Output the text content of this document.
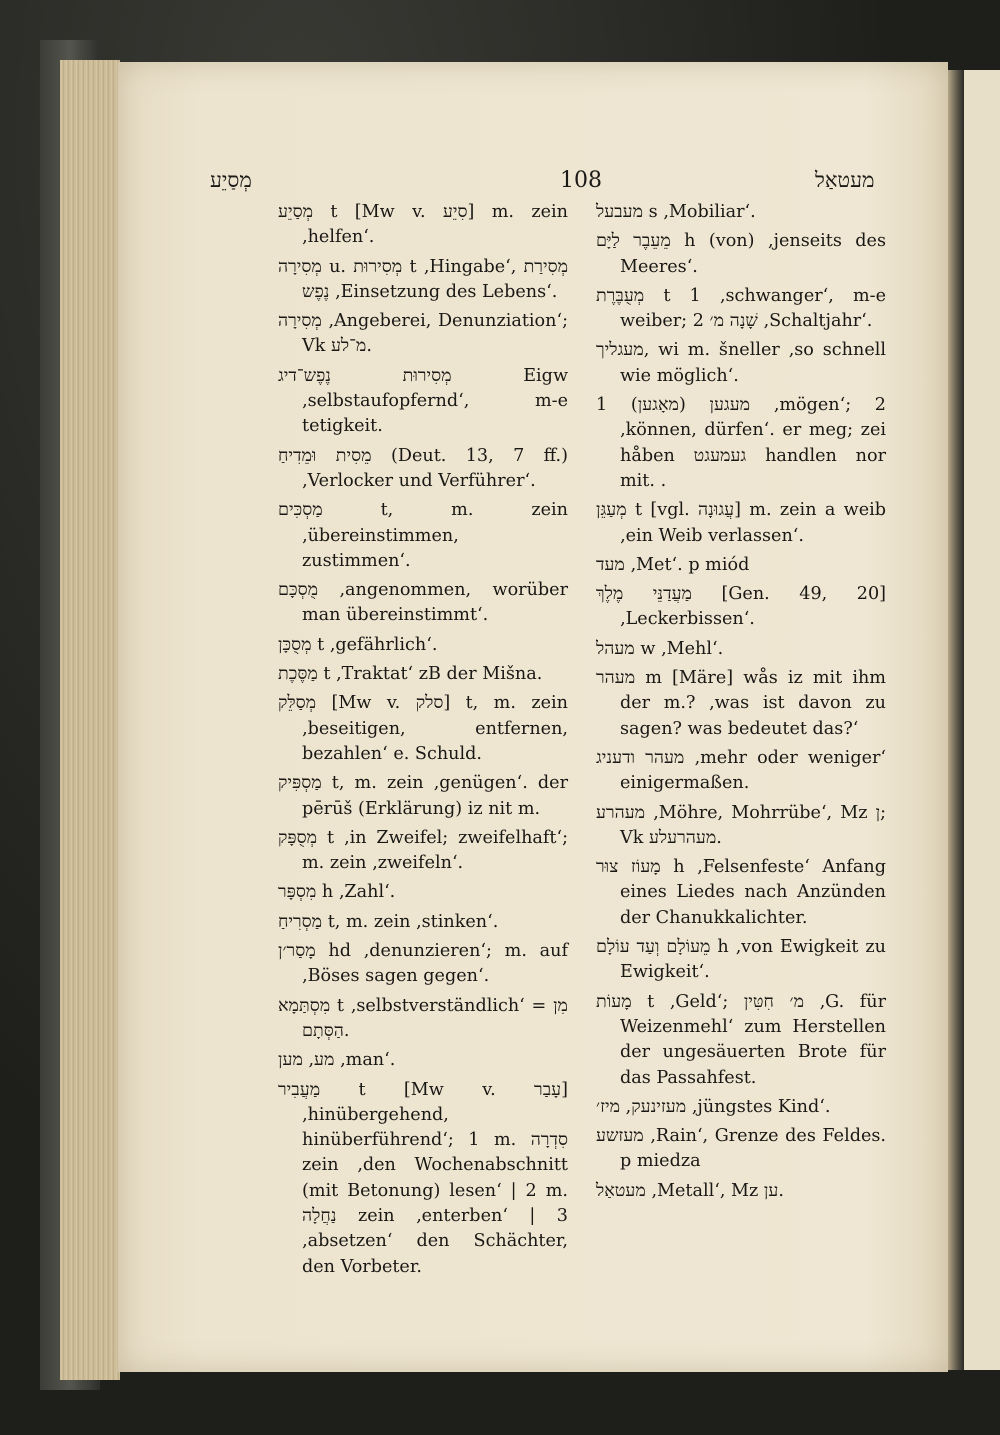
מְסַיֵע	108	מעטאַל

מְסַיֵע t [Mw v. סִיֵע] m. zein ‚helfen‘.

מְסִירָה u. מְסִירוּת t ‚Hingabe‘, מְסִירַת נֶפֶש ‚Einsetzung des Lebens‘.

מְסִירָה ‚Angeberei, Denunziation‘; Vk מ־לע.

מְסִירוּת נֶפֶש־דיג Eigw ‚selbstaufopfernd‘, m-e tetigkeit.

מֵסִית וּמֵדִיחַ (Deut. 13, 7 ff.) ‚Verlocker und Verführer‘.

מַסְכִּים t, m. zein ‚übereinstimmen, zustimmen‘.

מֻסְכָּם ‚angenommen, worüber man übereinstimmt‘.

מְסֻכָּן t ‚gefährlich‘.

מַסֶּכֶת t ‚Traktat‘ zB der Mišna.

מְסַלֵּק [Mw v. סלק] t, m. zein ‚beseitigen, entfernen, bezahlen‘ e. Schuld.

מַסְפִּיק t, m. zein ‚genügen‘. der pērūš (Erklärung) iz nit m.

מְסֻפָּק t ‚in Zweifel; zweifelhaft‘; m. zein ‚zweifeln‘.

מִסְפָּר h ‚Zahl‘.

מַסְרִיחַ t, m. zein ‚stinken‘.

מָסַר׳ן hd ‚denunzieren‘; m. auf ‚Böses sagen gegen‘.

מִסְתַּמָא t ‚selbstverständlich‘ = מִן הַסְּתָם.

מע, מען ‚man‘.

מַעֲבִיר t [Mw v. עָבַר] ‚hinübergehend, hinüberführend‘; 1 m. סִדְרָה zein ‚den Wochenabschnitt (mit Betonung) lesen‘ | 2 m. נַחֲלָה zein ‚enterben‘ | 3 ‚absetzen‘ den Schächter, den Vorbeter.

מעבעל s ‚Mobiliar‘.

מֵעֵבֶר לַיָּם h (von) ‚jenseits des Meeres‘.

מְעֻבֶּרֶת t 1 ‚schwanger‘, m-e weiber; 2 שָׁנָה מ׳ ‚Schaltjahr‘.

מעגליך, wi m. šneller ‚so schnell wie möglich‘.

מעגען (מאָגען) 1 ‚mögen‘; 2 ‚können, dürfen‘. er meg; zei håben געמעגט handlen nor mit. .

מְעַגֵּן t [vgl. עֲגוּנָה] m. zein a weib ‚ein Weib verlassen‘.

מעד ‚Met‘. p miód

מַעֲדַנֵּי מֶלֶךְ [Gen. 49, 20] ‚Leckerbissen‘.

מעהל w ‚Mehl‘.

מעהר m [Märe] wås iz mit ihm der m.? ‚was ist davon zu sagen? was bedeutet das?‘

מעהר ודעניג ‚mehr oder weniger‘ einigermaßen.

מעהרע ‚Möhre, Mohrrübe‘, Mz ן; Vk מעהרעלע.

מָעוֹז צוּר h ‚Felsenfeste‘ Anfang eines Liedes nach Anzünden der Chanukkalichter.

מֵעוֹלָם וְעַד עוֹלָם h ‚von Ewigkeit zu Ewigkeit‘.

מָעוֹת t ‚Geld‘; מ׳ חִטִּין ‚G. für Weizenmehl‘ zum Herstellen der ungesäuerten Brote für das Passahfest.

מעזינעק, מיז׳ ‚jüngstes Kind‘.

מעזשע ‚Rain‘, Grenze des Feldes. p miedza

מעטאַל ‚Metall‘, Mz ען.
